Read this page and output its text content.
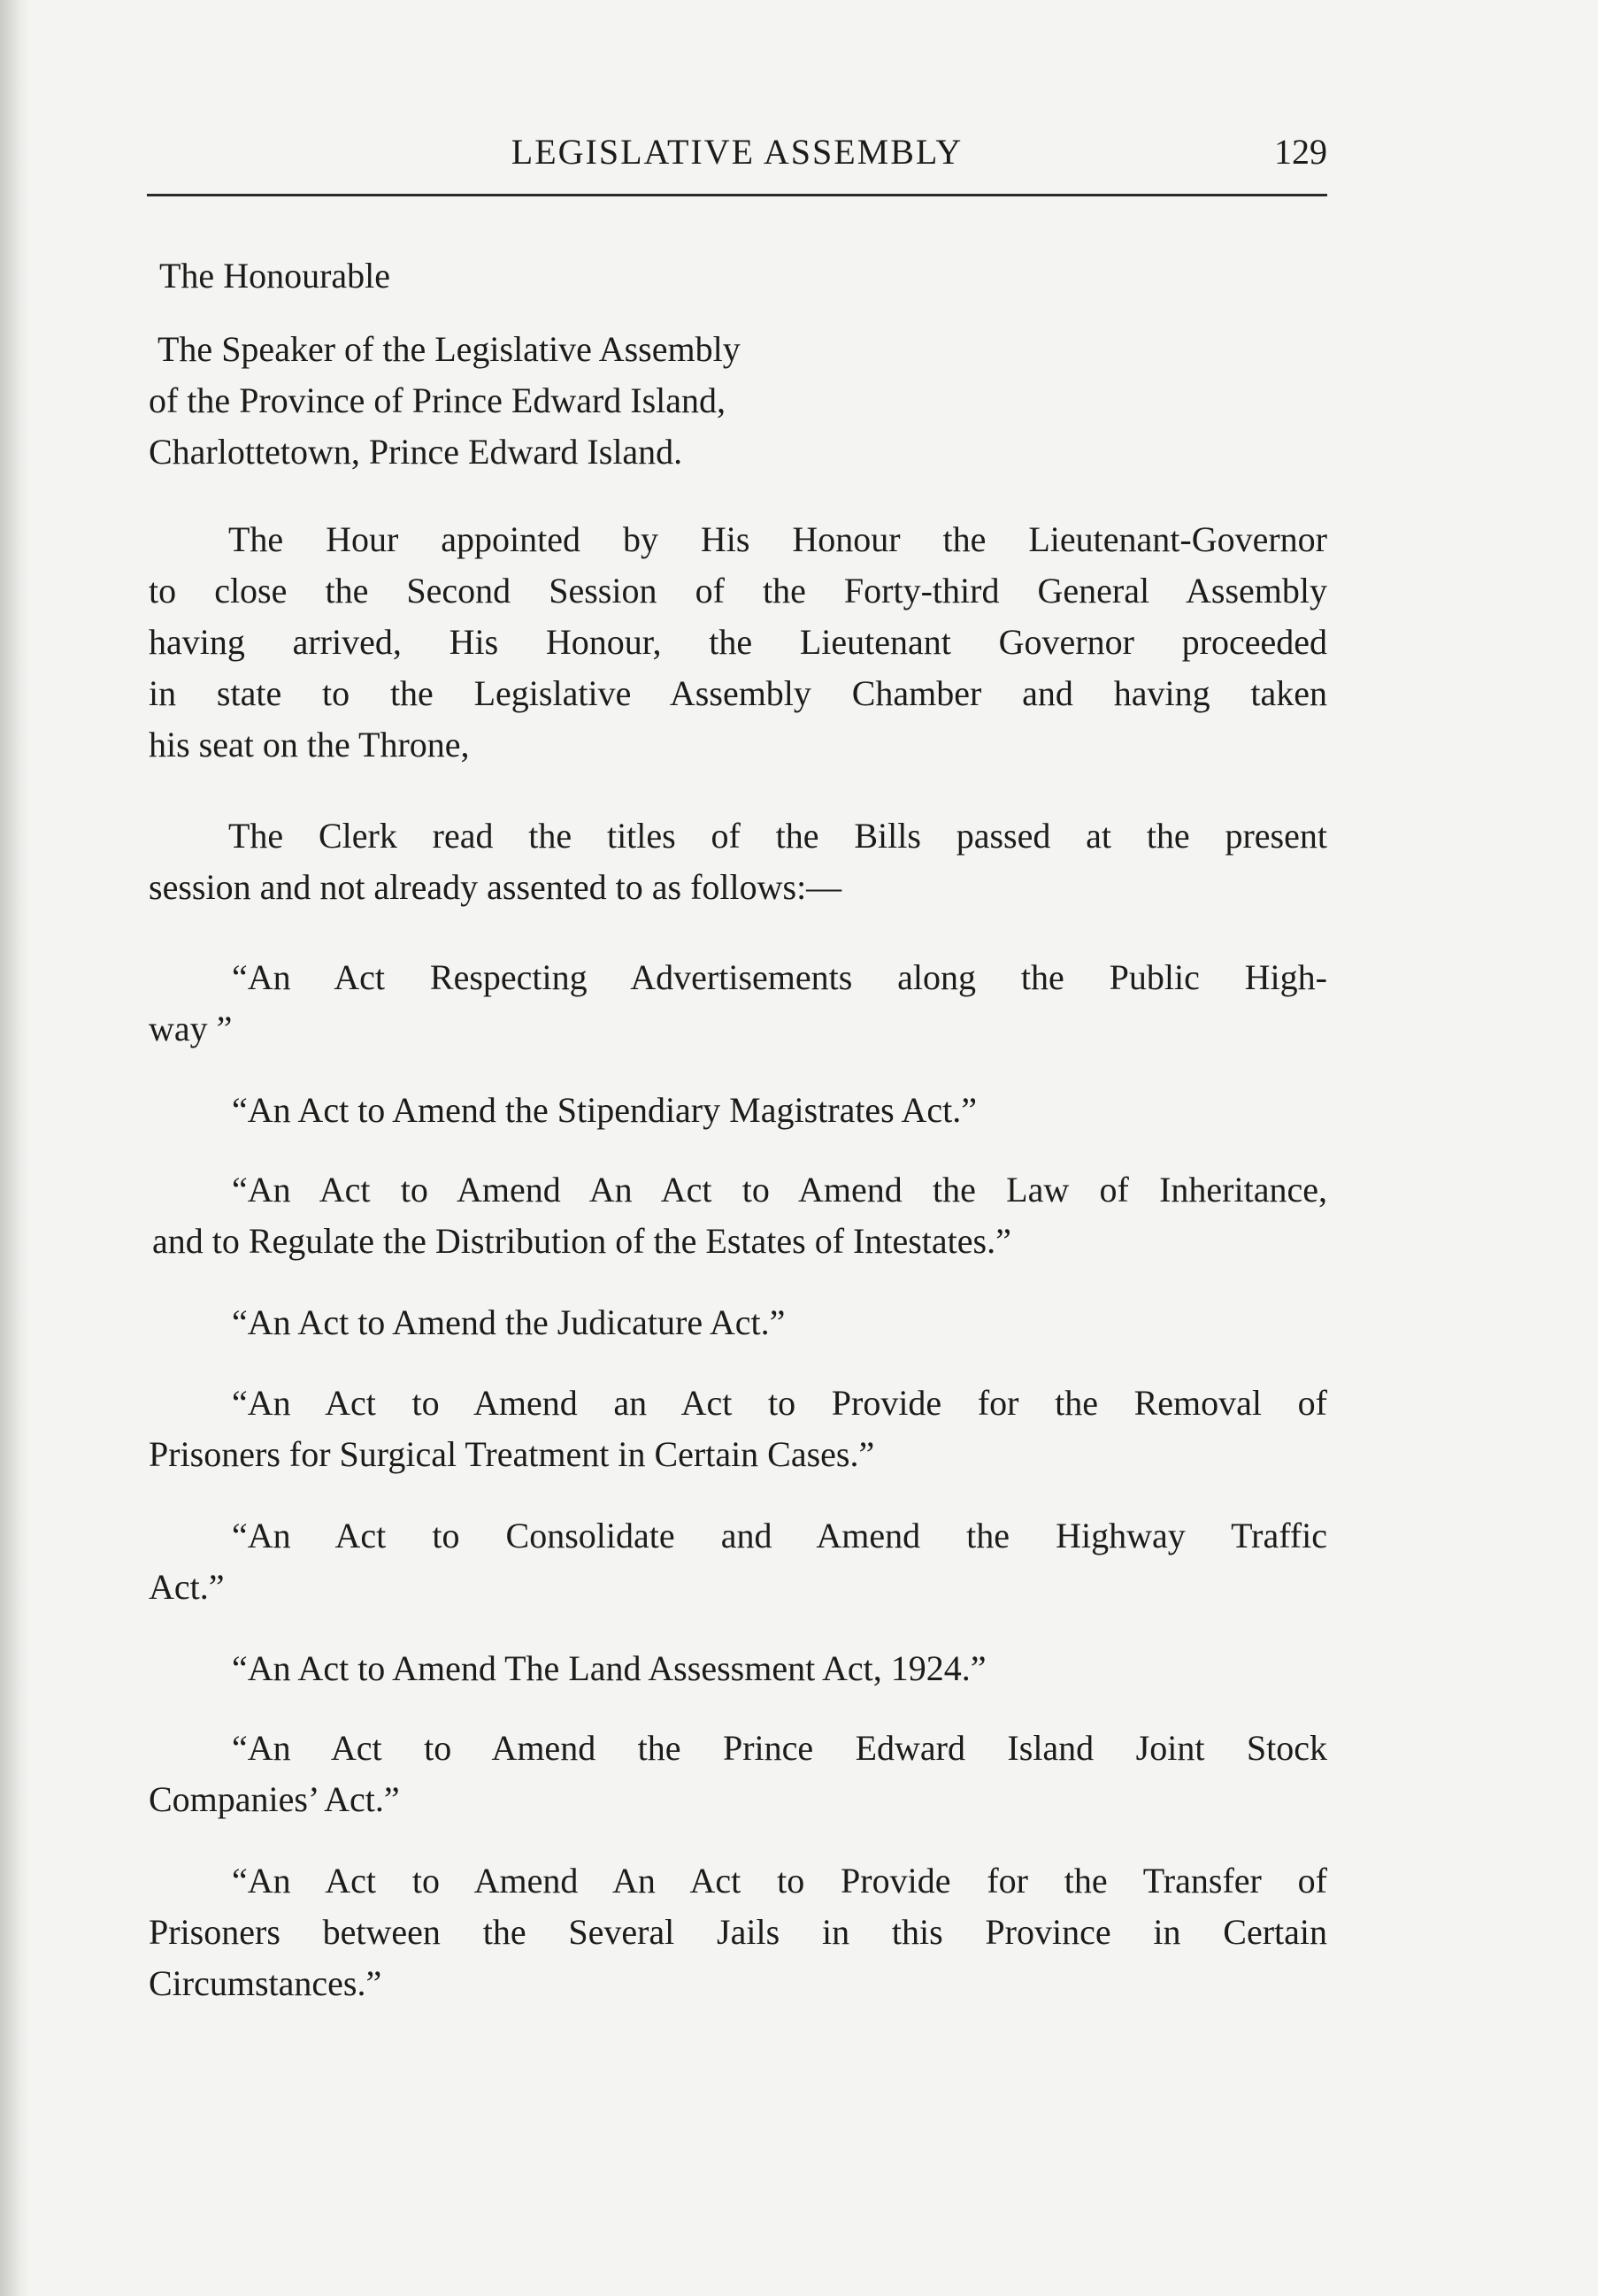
LEGISLATIVE ASSEMBLY	129
The Honourable
The Speaker of the Legislative Assembly
of the Province of Prince Edward Island,
Charlottetown, Prince Edward Island.
The Hour appointed by His Honour the Lieutenant-Governor
to close the Second Session of the Forty-third General Assembly
having arrived, His Honour, the Lieutenant Governor proceeded
in state to the Legislative Assembly Chamber and having taken
his seat on the Throne,
The Clerk read the titles of the Bills passed at the present
session and not already assented to as follows:—
“An Act Respecting Advertisements along the Public High-
way ”
“An Act to Amend the Stipendiary Magistrates Act.”
“An Act to Amend An Act to Amend the Law of Inheritance,
and to Regulate the Distribution of the Estates of Intestates.”
“An Act to Amend the Judicature Act.”
“An Act to Amend an Act to Provide for the Removal of
Prisoners for Surgical Treatment in Certain Cases.”
“An Act to Consolidate and Amend the Highway Traffic
Act.”
“An Act to Amend The Land Assessment Act, 1924.”
“An Act to Amend the Prince Edward Island Joint Stock
Companies’ Act.”
“An Act to Amend An Act to Provide for the Transfer of
Prisoners between the Several Jails in this Province in Certain
Circumstances.”
